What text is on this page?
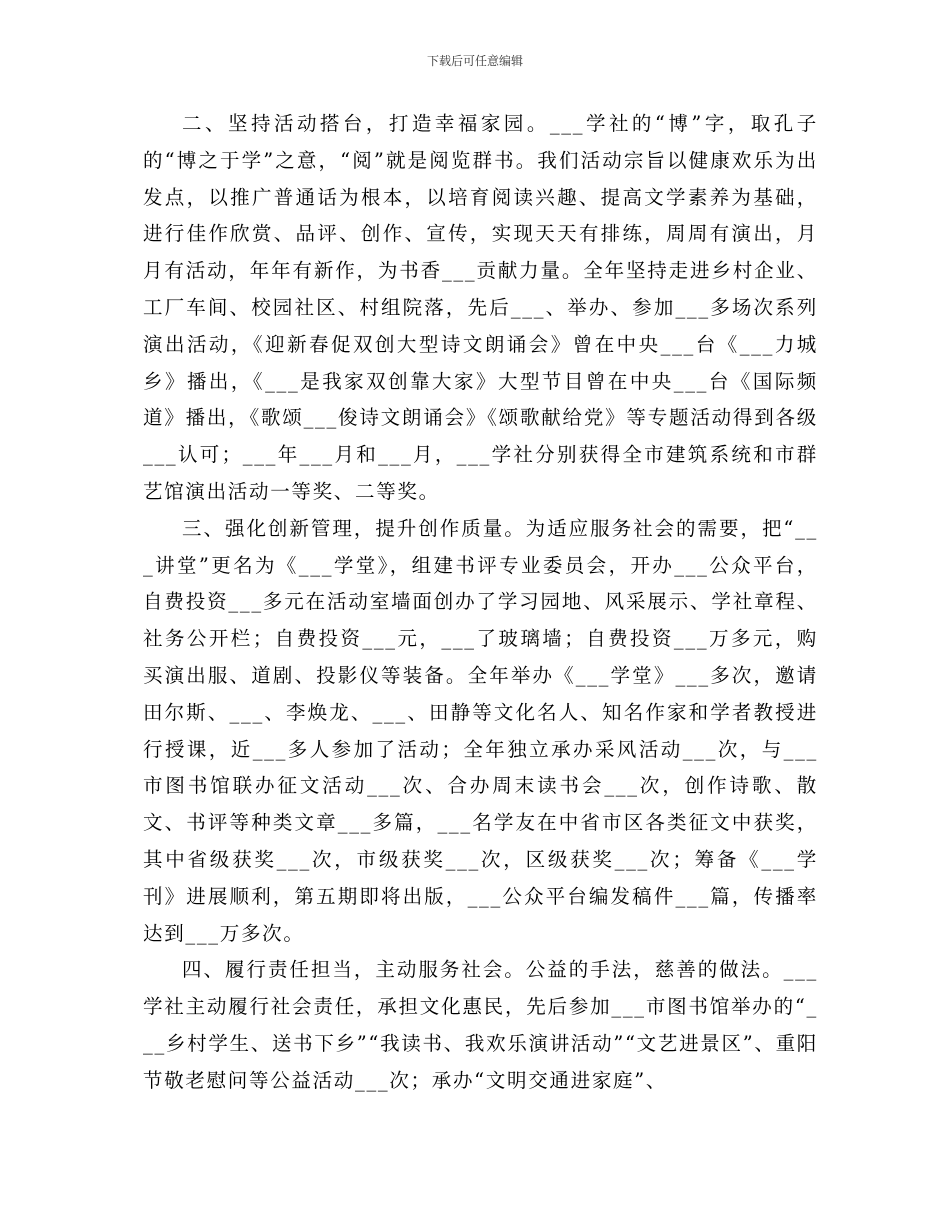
下载后可任意编辑

二、坚持活动搭台，打造幸福家园。___学社的“博”字，取孔子的“博之于学”之意，“阅”就是阅览群书。我们活动宗旨以健康欢乐为出发点，以推广普通话为根本，以培育阅读兴趣、提高文学素养为基础，进行佳作欣赏、品评、创作、宣传，实现天天有排练，周周有演出，月月有活动，年年有新作，为书香___贡献力量。全年坚持走进乡村企业、工厂车间、校园社区、村组院落，先后___、举办、参加___多场次系列演出活动，《迎新春促双创大型诗文朗诵会》曾在中央___台《___力城乡》播出，《___是我家双创靠大家》大型节目曾在中央___台《国际频道》播出，《歌颂___俊诗文朗诵会》《颂歌献给党》等专题活动得到各级___认可；___年___月和___月，___学社分别获得全市建筑系统和市群艺馆演出活动一等奖、二等奖。

三、强化创新管理，提升创作质量。为适应服务社会的需要，把“___讲堂”更名为《___学堂》，组建书评专业委员会，开办___公众平台，自费投资___多元在活动室墙面创办了学习园地、风采展示、学社章程、社务公开栏；自费投资___元，___了玻璃墙；自费投资___万多元，购买演出服、道剧、投影仪等装备。全年举办《___学堂》___多次，邀请田尔斯、___、李焕龙、___、田静等文化名人、知名作家和学者教授进行授课，近___多人参加了活动；全年独立承办采风活动___次，与___市图书馆联办征文活动___次、合办周末读书会___次，创作诗歌、散文、书评等种类文章___多篇，___名学友在中省市区各类征文中获奖，其中省级获奖___次，市级获奖___次，区级获奖___次；筹备《___学刊》进展顺利，第五期即将出版，___公众平台编发稿件___篇，传播率达到___万多次。

四、履行责任担当，主动服务社会。公益的手法，慈善的做法。___学社主动履行社会责任，承担文化惠民，先后参加___市图书馆举办的“___乡村学生、送书下乡”“我读书、我欢乐演讲活动”“文艺进景区”、重阳节敬老慰问等公益活动___次；承办“文明交通进家庭”、
